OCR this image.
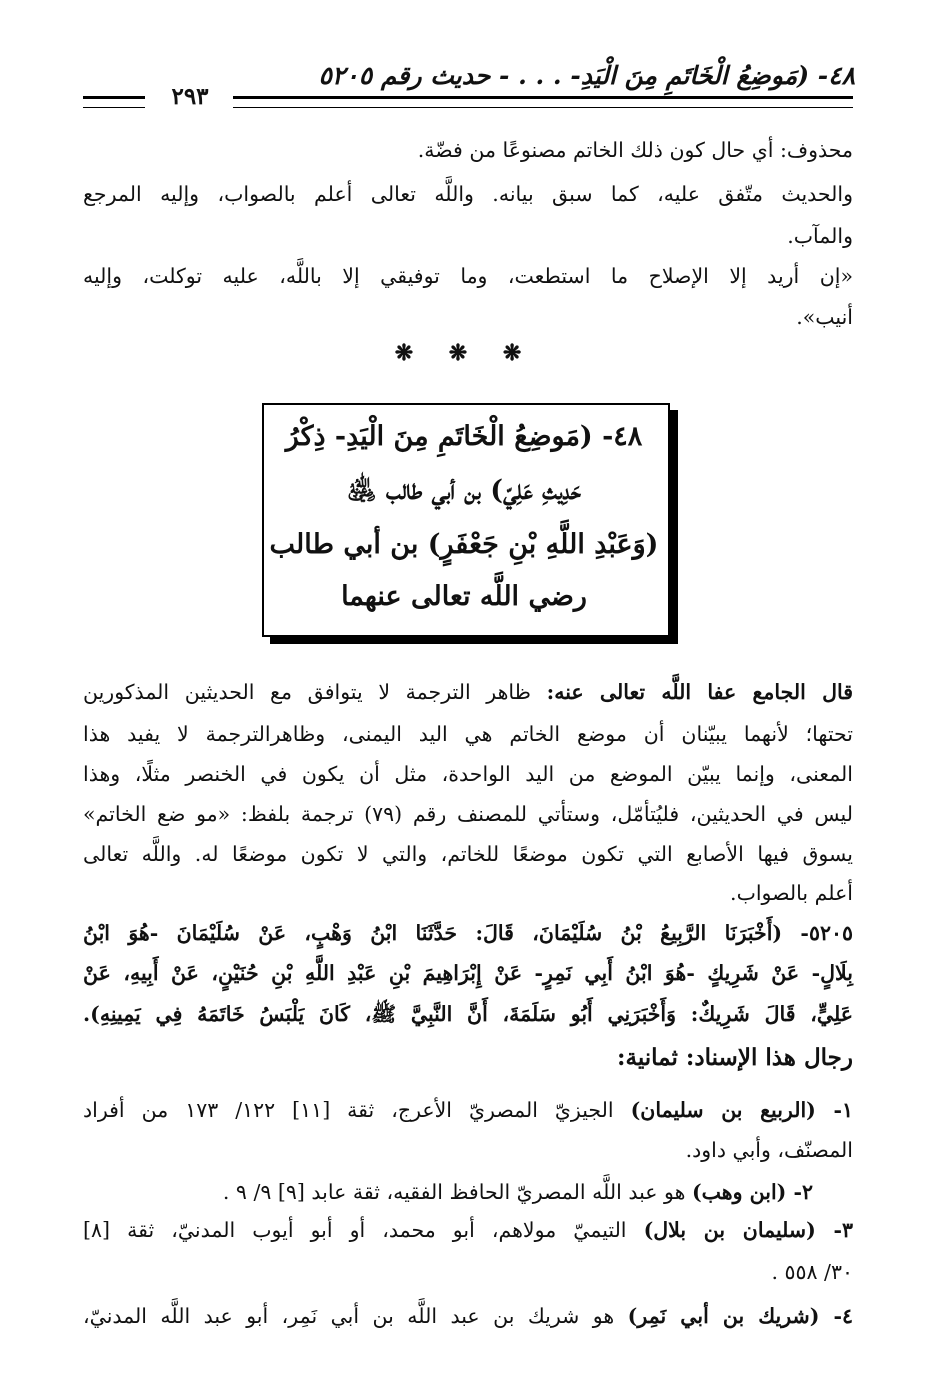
٤٨- (مَوضِعُ الْخَاتَمِ مِنَ الْيَدِ- . . . - حديث رقم ٥٢٠٥
٢٩٣
محذوف: أي حال كون ذلك الخاتم مصنوعًا من فضّة.
والحديث متّفق عليه، كما سبق بيانه. واللَّه تعالى أعلم بالصواب، وإليه المرجع
والمآب.
«إن أريد إلا الإصلاح ما استطعت، وما توفيقي إلا باللَّه، عليه توكلت، وإليه
أنيب».
❋ ❋ ❋
٤٨- (مَوضِعُ الْخَاتَمِ مِنَ الْيَدِ- ذِكْرُ
حَدِيثِ عَلِيّ) بن أبي طالب ﵁
(وَعَبْدِ اللَّهِ بْنِ جَعْفَرٍ) بن أبي طالب
رضي اللَّه تعالى عنهما
قال الجامع عفا اللَّه تعالى عنه: ظاهر الترجمة لا يتوافق مع الحديثين المذكورين
تحتها؛ لأنهما يبيّنان أن موضع الخاتم هي اليد اليمنى، وظاهرالترجمة لا يفيد هذا
المعنى، وإنما يبيّن الموضع من اليد الواحدة، مثل أن يكون في الخنصر مثلًا، وهذا
ليس في الحديثين، فليُتأمّل، وستأتي للمصنف رقم (٧٩) ترجمة بلفظ: «مو ضع الخاتم»
يسوق فيها الأصابع التي تكون موضعًا للخاتم، والتي لا تكون موضعًا له. واللَّه تعالى
أعلم بالصواب.
٥٢٠٥- (أَخْبَرَنَا الرَّبِيعُ بْنُ سُلَيْمَانَ، قَالَ: حَدَّثَنَا ابْنُ وَهْبٍ، عَنْ سُلَيْمَانَ -هُوَ ابْنُ
بِلَالٍ- عَنْ شَرِيكٍ -هُوَ ابْنُ أَبِي نَمِرٍ- عَنْ إِبْرَاهِيمَ بْنِ عَبْدِ اللَّهِ بْنِ حُنَيْنٍ، عَنْ أَبِيهِ، عَنْ
عَلِيٍّ، قَالَ شَرِيكٌ: وَأَخْبَرَنِي أَبُو سَلَمَةَ، أَنَّ النَّبِيَّ ﷺ، كَانَ يَلْبَسُ خَاتَمَهُ فِي يَمِينِهِ).
رجال هذا الإسناد: ثمانية:
١- (الربيع بن سليمان) الجيزيّ المصريّ الأعرج، ثقة [١١] ١٢٢/ ١٧٣ من أفراد
المصنّف، وأبي داود.
٢- (ابن وهب) هو عبد اللَّه المصريّ الحافظ الفقيه، ثقة عابد [٩] ٩/ ٩ .
٣- (سليمان بن بلال) التيميّ مولاهم، أبو محمد، أو أبو أيوب المدنيّ، ثقة [٨]
٣٠/ ٥٥٨ .
٤- (شريك بن أبي نَمِر) هو شريك بن عبد اللَّه بن أبي نَمِر، أبو عبد اللَّه المدنيّ،
